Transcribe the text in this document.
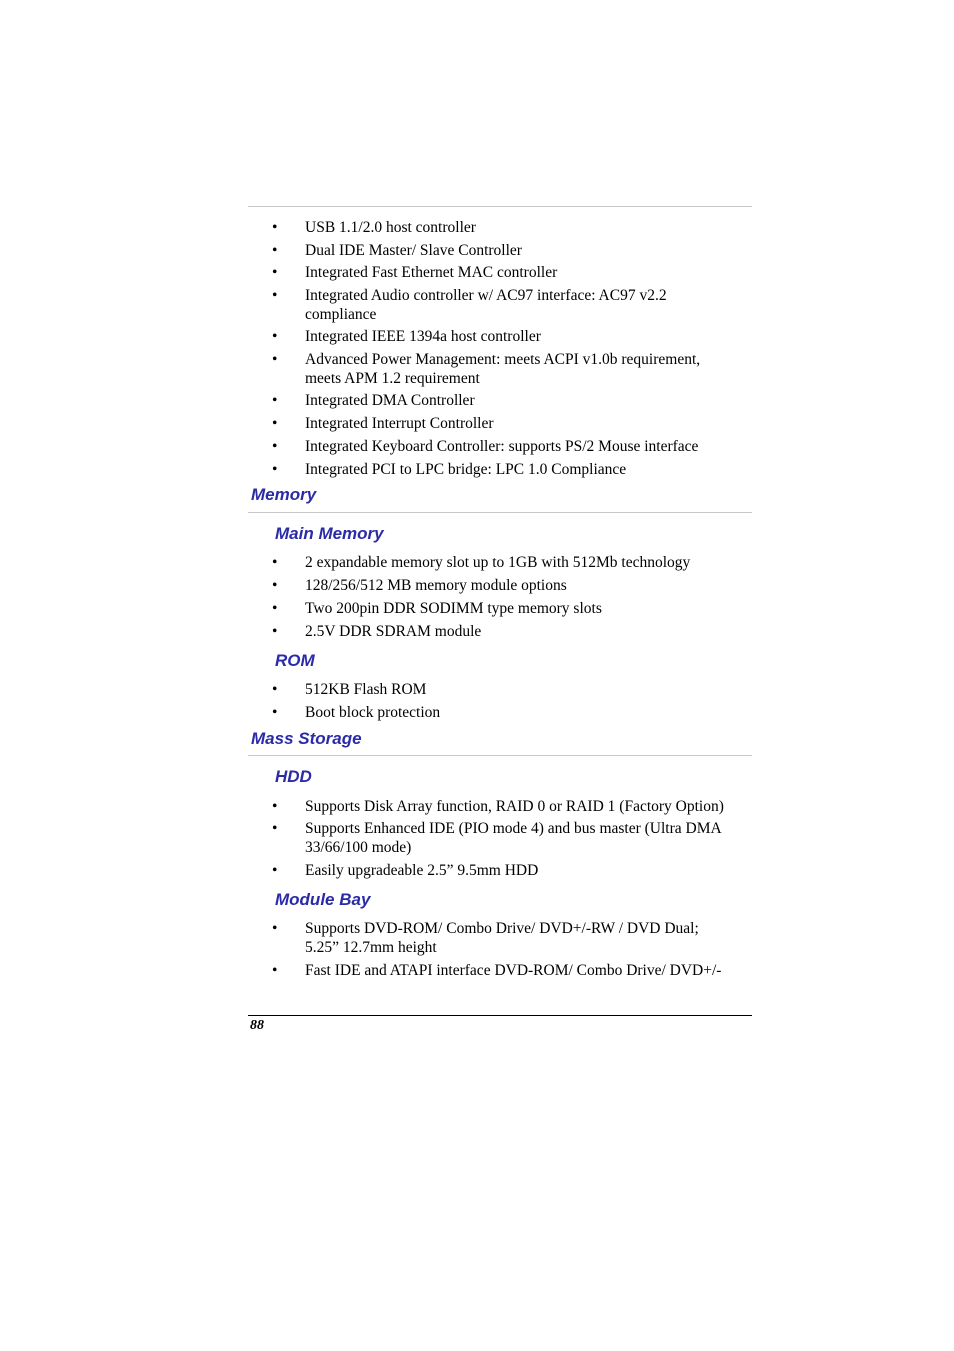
• USB 1.1/2.0 host controller
• Dual IDE Master/ Slave Controller
• Integrated Fast Ethernet MAC controller
• Integrated Audio controller w/ AC97 interface: AC97 v2.2
compliance
• Integrated IEEE 1394a host controller
• Advanced Power Management: meets ACPI v1.0b requirement,
meets APM 1.2 requirement
• Integrated DMA Controller
• Integrated Interrupt Controller
• Integrated Keyboard Controller: supports PS/2 Mouse interface
• Integrated PCI to LPC bridge: LPC 1.0 Compliance
Memory
Main Memory
• 2 expandable memory slot up to 1GB with 512Mb technology
• 128/256/512 MB memory module options
• Two 200pin DDR SODIMM type memory slots
• 2.5V DDR SDRAM module
ROM
• 512KB Flash ROM
• Boot block protection
Mass Storage
HDD
• Supports Disk Array function, RAID 0 or RAID 1 (Factory Option)
• Supports Enhanced IDE (PIO mode 4) and bus master (Ultra DMA
33/66/100 mode)
• Easily upgradeable 2.5” 9.5mm HDD
Module Bay
• Supports DVD-ROM/ Combo Drive/ DVD+/-RW / DVD Dual;
5.25” 12.7mm height
• Fast IDE and ATAPI interface DVD-ROM/ Combo Drive/ DVD+/-
88
